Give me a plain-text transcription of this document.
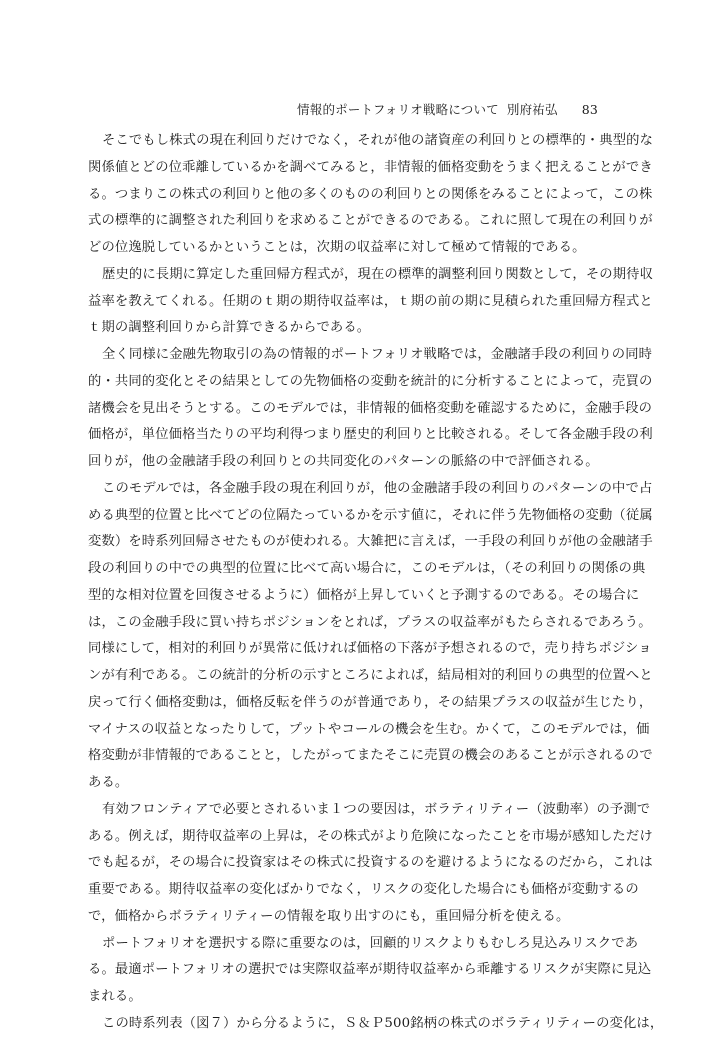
情報的ポートフォリオ戦略について 別府祐弘 83
そこでもし株式の現在利回りだけでなく，それが他の諸資産の利回りとの標準的・典型的な
関係値とどの位乖離しているかを調べてみると，非情報的価格変動をうまく把えることができ
る。つまりこの株式の利回りと他の多くのものの利回りとの関係をみることによって，この株
式の標準的に調整された利回りを求めることができるのである。これに照して現在の利回りが
どの位逸脱しているかということは，次期の収益率に対して極めて情報的である。
歴史的に長期に算定した重回帰方程式が，現在の標準的調整利回り関数として，その期待収
益率を教えてくれる。任期のｔ期の期待収益率は，ｔ期の前の期に見積られた重回帰方程式と
ｔ期の調整利回りから計算できるからである。
全く同様に金融先物取引の為の情報的ポートフォリオ戦略では，金融諸手段の利回りの同時
的・共同的変化とその結果としての先物価格の変動を統計的に分析することによって，売買の
諸機会を見出そうとする。このモデルでは，非情報的価格変動を確認するために，金融手段の
価格が，単位価格当たりの平均利得つまり歴史的利回りと比較される。そして各金融手段の利
回りが，他の金融諸手段の利回りとの共同変化のパターンの脈絡の中で評価される。
このモデルでは，各金融手段の現在利回りが，他の金融諸手段の利回りのパターンの中で占
める典型的位置と比べてどの位隔たっているかを示す値に，それに伴う先物価格の変動（従属
変数）を時系列回帰させたものが使われる。大雑把に言えば，一手段の利回りが他の金融諸手
段の利回りの中での典型的位置に比べて高い場合に，このモデルは，（その利回りの関係の典
型的な相対位置を回復させるように）価格が上昇していくと予測するのである。その場合に
は，この金融手段に買い持ちポジションをとれば，プラスの収益率がもたらされるであろう。
同様にして，相対的利回りが異常に低ければ価格の下落が予想されるので，売り持ちポジショ
ンが有利である。この統計的分析の示すところによれば，結局相対的利回りの典型的位置へと
戻って行く価格変動は，価格反転を伴うのが普通であり，その結果プラスの収益が生じたり，
マイナスの収益となったりして，プットやコールの機会を生む。かくて，このモデルでは，価
格変動が非情報的であることと，したがってまたそこに売買の機会のあることが示されるので
ある。
有効フロンティアで必要とされるいま１つの要因は，ボラティリティー（波動率）の予測で
ある。例えば，期待収益率の上昇は，その株式がより危険になったことを市場が感知しただけ
でも起るが，その場合に投資家はその株式に投資するのを避けるようになるのだから，これは
重要である。期待収益率の変化ばかりでなく，リスクの変化した場合にも価格が変動するの
で，価格からボラティリティーの情報を取り出すのにも，重回帰分析を使える。
ポートフォリオを選択する際に重要なのは，回顧的リスクよりもむしろ見込みリスクであ
る。最適ポートフォリオの選択では実際収益率が期待収益率から乖離するリスクが実際に見込
まれる。
この時系列表（図７）から分るように，Ｓ＆Ｐ500銘柄の株式のボラティリティーの変化は，
